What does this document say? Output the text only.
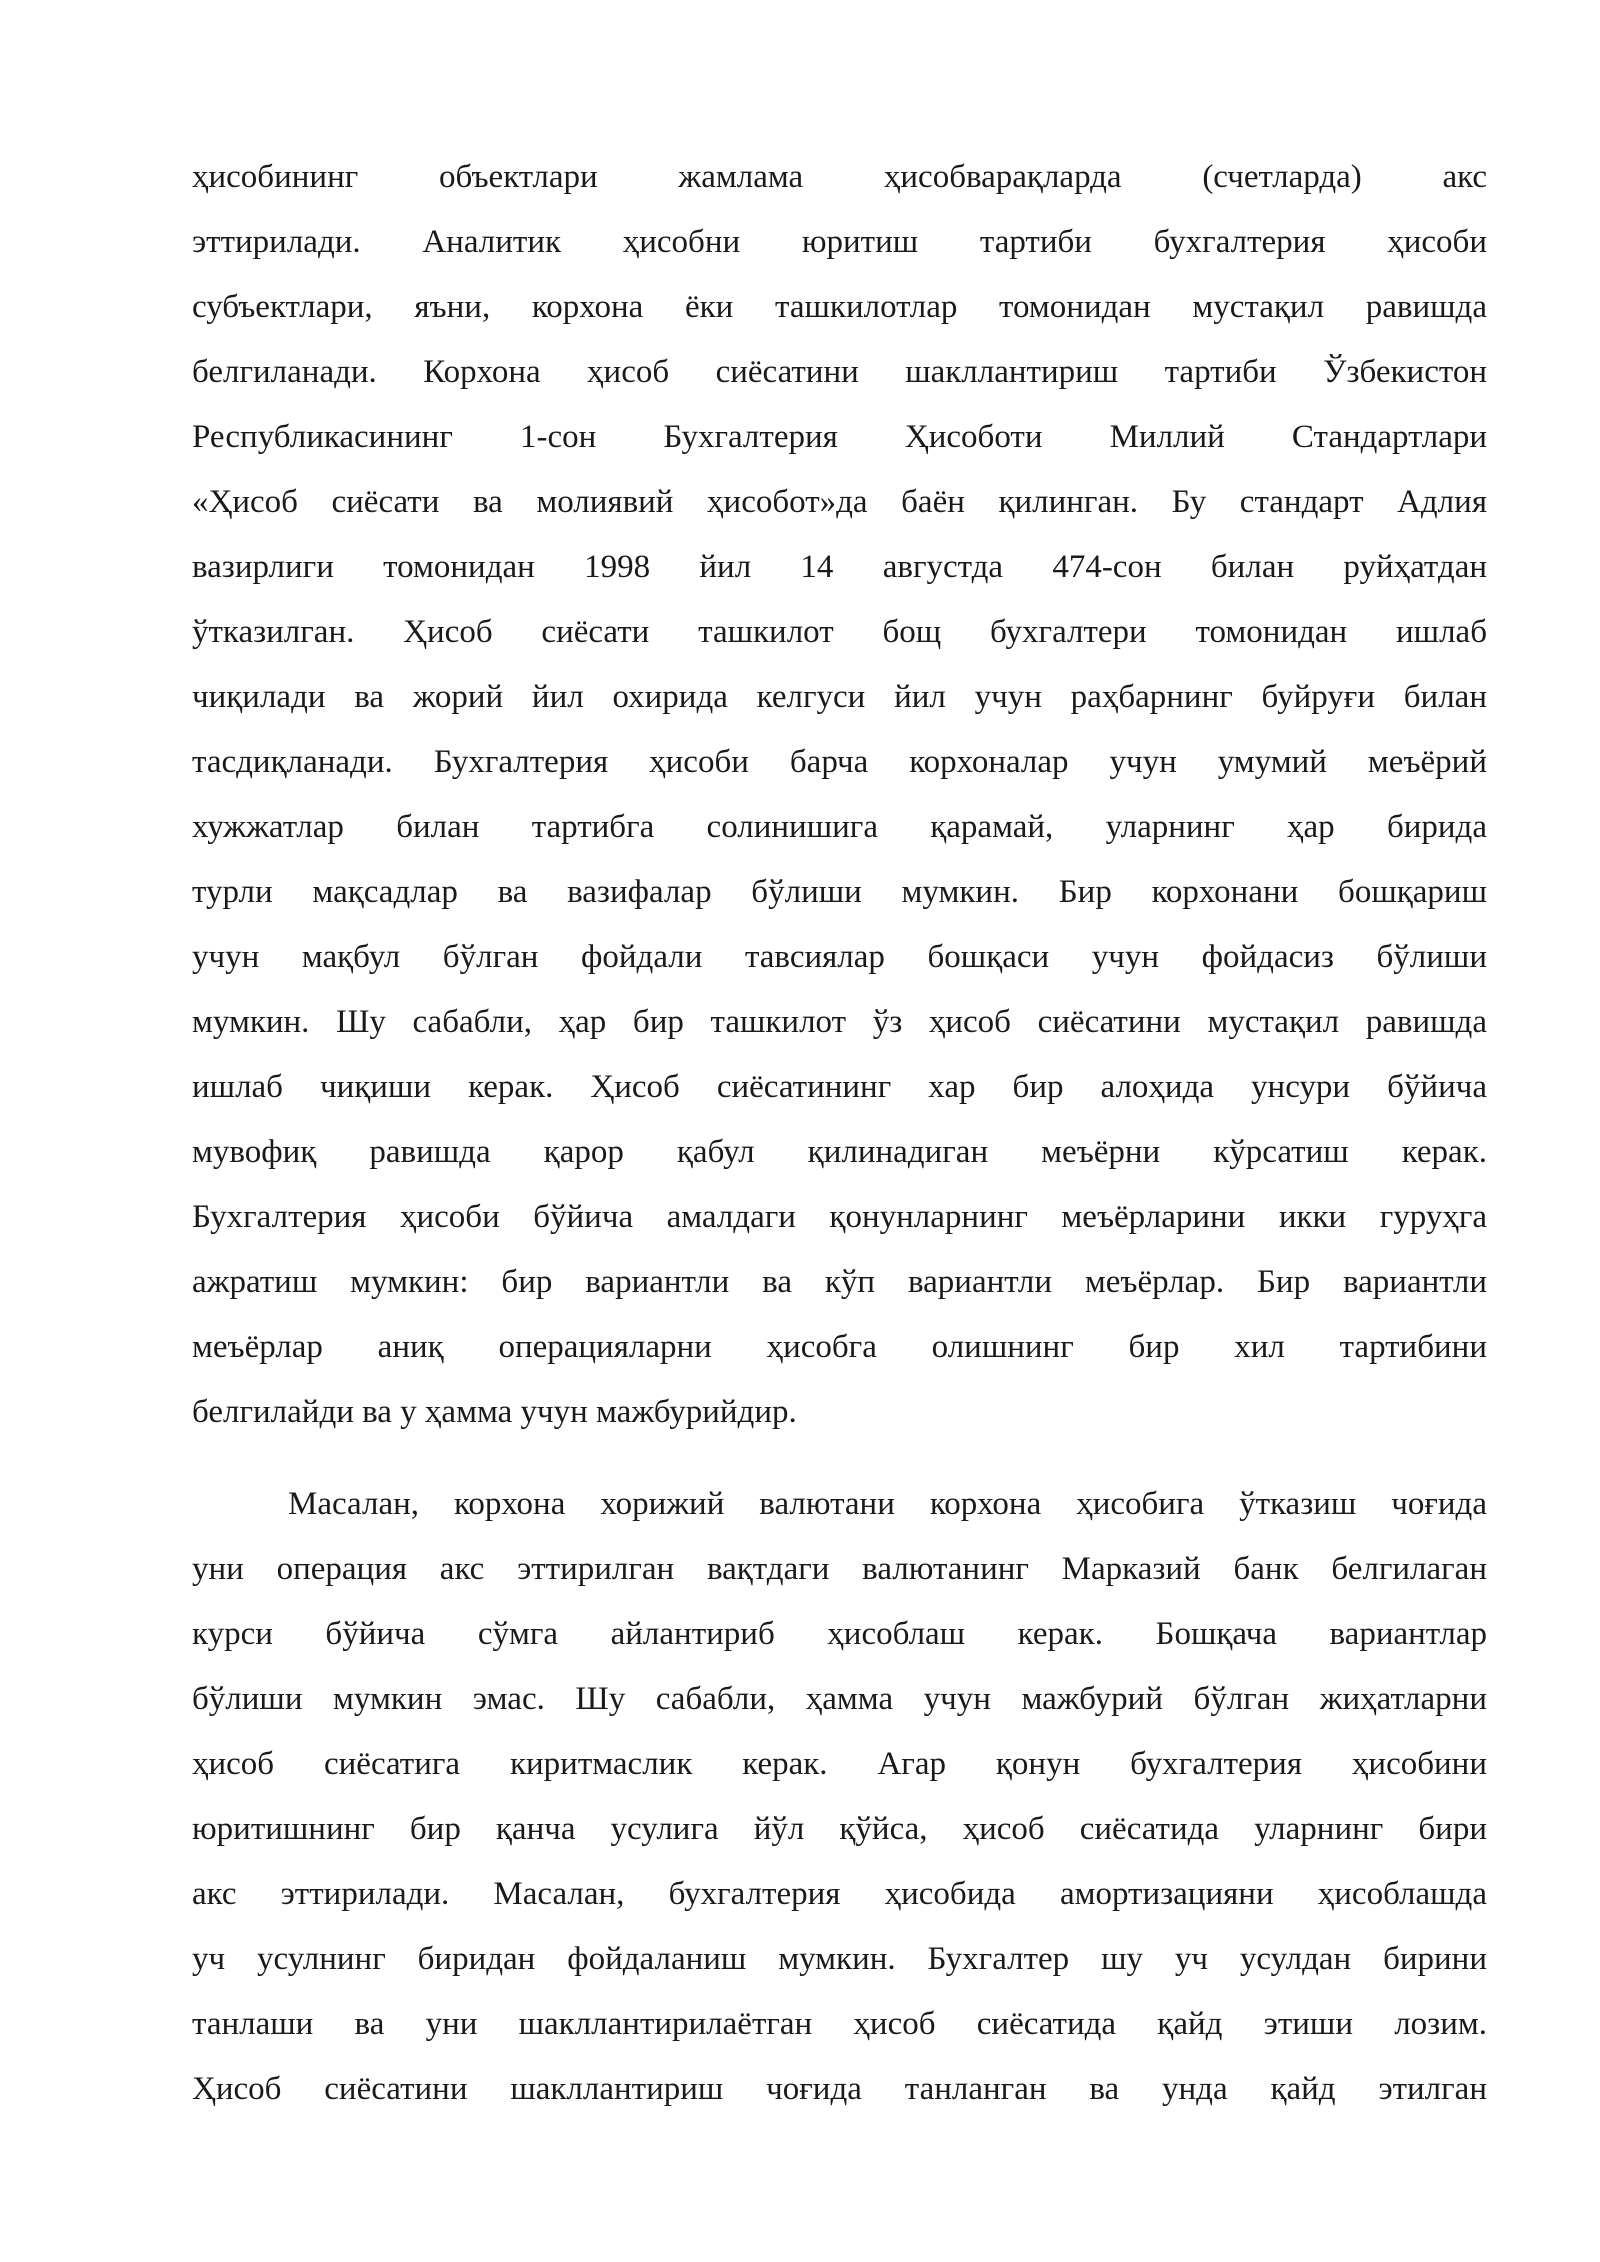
ҳисобининг объектлари жамлама ҳисобварақларда (счетларда) акс
эттирилади. Аналитик ҳисобни юритиш тартиби бухгалтерия ҳисоби
субъектлари, яъни, корхона ёки ташкилотлар томонидан мустақил равишда
белгиланади. Корхона ҳисоб сиёсатини шакллантириш тартиби Ўзбекистон
Республикасининг 1-сон Бухгалтерия Ҳисоботи Миллий Стандартлари
«Ҳисоб сиёсати ва молиявий ҳисобот»да баён қилинган. Бу стандарт Адлия
вазирлиги томонидан 1998 йил 14 августда 474-сон билан руйҳатдан
ўтказилган. Ҳисоб сиёсати ташкилот бощ бухгалтери томонидан ишлаб
чиқилади ва жорий йил охирида келгуси йил учун раҳбарнинг буйруғи билан
тасдиқланади. Бухгалтерия ҳисоби барча корхоналар учун умумий меъёрий
хужжатлар билан тартибга солинишига қарамай, уларнинг ҳар бирида
турли мақсадлар ва вазифалар бўлиши мумкин. Бир корхонани бошқариш
учун мақбул бўлган фойдали тавсиялар бошқаси учун фойдасиз бўлиши
мумкин. Шу сабабли, ҳар бир ташкилот ўз ҳисоб сиёсатини мустақил равишда
ишлаб чиқиши керак. Ҳисоб сиёсатининг хар бир алоҳида унсури бўйича
мувофиқ равишда қарор қабул қилинадиган меъёрни кўрсатиш керак.
Бухгалтерия ҳисоби бўйича амалдаги қонунларнинг меъёрларини икки гуруҳга
ажратиш мумкин: бир вариантли ва кўп вариантли меъёрлар. Бир вариантли
меъёрлар аниқ операцияларни ҳисобга олишнинг бир хил тартибини
белгилайди ва у ҳамма учун мажбурийдир.
Масалан, корхона хорижий валютани корхона ҳисобига ўтказиш чоғида
уни операция акс эттирилган вақтдаги валютанинг Марказий банк белгилаган
курси бўйича сўмга айлантириб ҳисоблаш керак. Бошқача вариантлар
бўлиши мумкин эмас. Шу сабабли, ҳамма учун мажбурий бўлган жиҳатларни
ҳисоб сиёсатига киритмаслик керак. Агар қонун бухгалтерия ҳисобини
юритишнинг бир қанча усулига йўл қўйса, ҳисоб сиёсатида уларнинг бири
акс эттирилади. Масалан, бухгалтерия ҳисобида амортизацияни ҳисоблашда
уч усулнинг биридан фойдаланиш мумкин. Бухгалтер шу уч усулдан бирини
танлаши ва уни шакллантирилаётган ҳисоб сиёсатида қайд этиши лозим.
Ҳисоб сиёсатини шакллантириш чоғида танланган ва унда қайд этилган
